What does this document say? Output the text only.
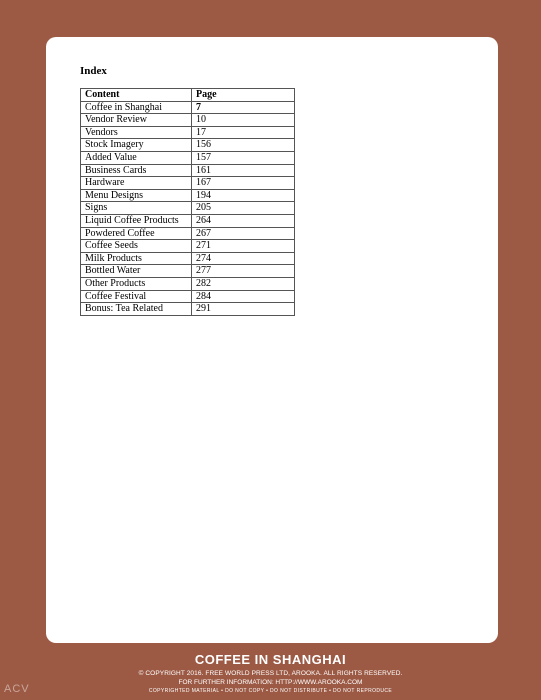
Index
Content	Page
Coffee in Shanghai	7
Vendor Review	10
Vendors	17
Stock Imagery	156
Added Value	157
Business Cards	161
Hardware	167
Menu Designs	194
Signs	205
Liquid Coffee Products	264
Powdered Coffee	267
Coffee Seeds	271
Milk Products	274
Bottled Water	277
Other Products	282
Coffee Festival	284
Bonus: Tea Related	291
COFFEE IN SHANGHAI
© COPYRIGHT 2016. FREE WORLD PRESS LTD, AROOKA. ALL RIGHTS RESERVED.
FOR FURTHER INFORMATION: HTTP://WWW.AROOKA.COM
COPYRIGHTED MATERIAL • DO NOT COPY • DO NOT DISTRIBUTE • DO NOT REPRODUCE
ACV
